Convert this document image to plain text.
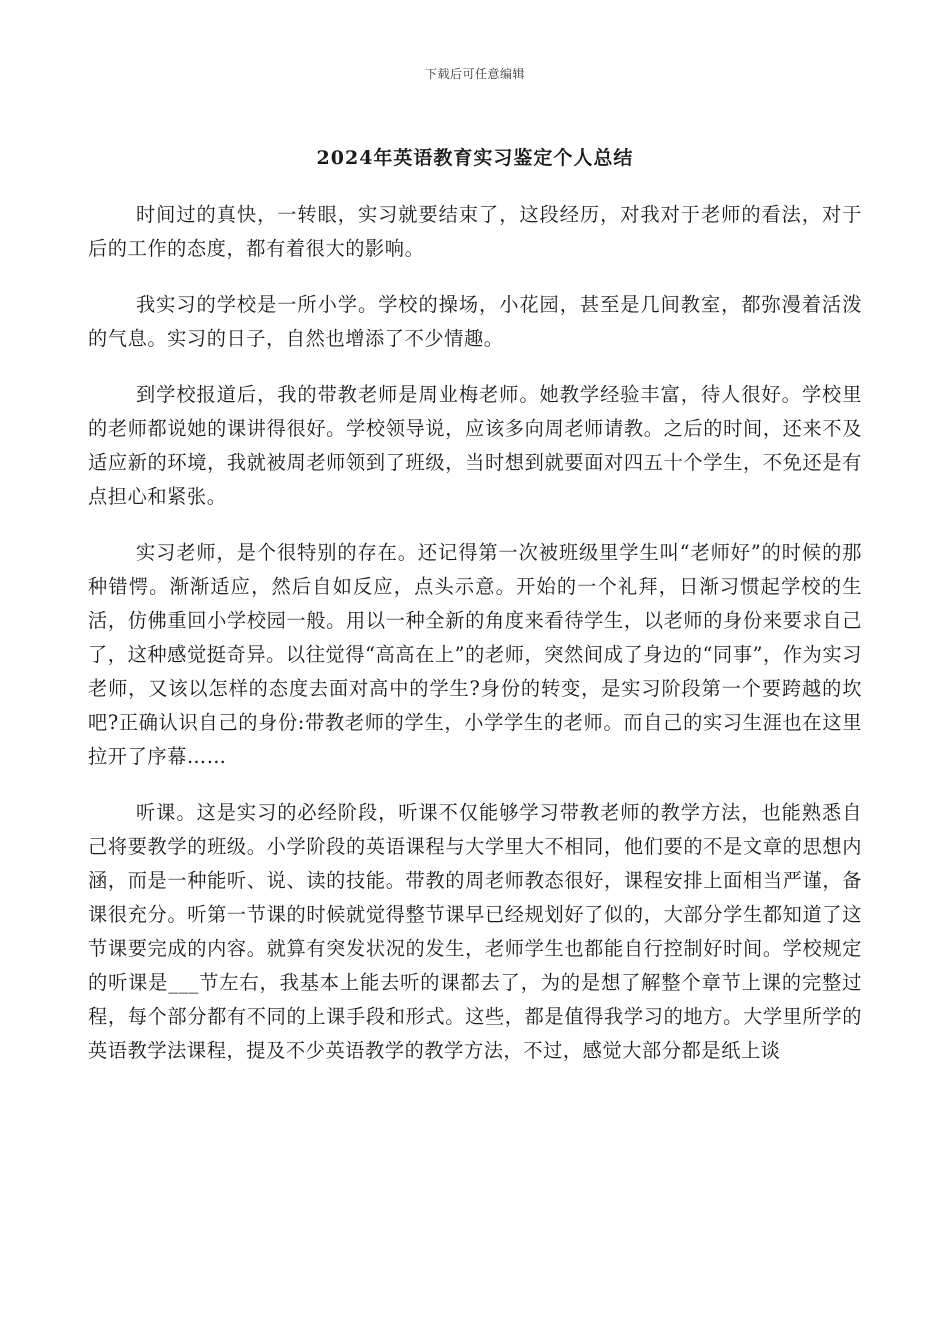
下载后可任意编辑
2024年英语教育实习鉴定个人总结

时间过的真快，一转眼，实习就要结束了，这段经历，对我对于老师的看法，对于后的工作的态度，都有着很大的影响。

我实习的学校是一所小学。学校的操场，小花园，甚至是几间教室，都弥漫着活泼的气息。实习的日子，自然也增添了不少情趣。

到学校报道后，我的带教老师是周业梅老师。她教学经验丰富，待人很好。学校里的老师都说她的课讲得很好。学校领导说，应该多向周老师请教。之后的时间，还来不及适应新的环境，我就被周老师领到了班级，当时想到就要面对四五十个学生，不免还是有点担心和紧张。

实习老师，是个很特别的存在。还记得第一次被班级里学生叫“老师好”的时候的那种错愕。渐渐适应，然后自如反应，点头示意。开始的一个礼拜，日渐习惯起学校的生活，仿佛重回小学校园一般。用以一种全新的角度来看待学生，以老师的身份来要求自己了，这种感觉挺奇异。以往觉得“高高在上”的老师，突然间成了身边的“同事”，作为实习老师，又该以怎样的态度去面对高中的学生?身份的转变，是实习阶段第一个要跨越的坎吧?正确认识自己的身份:带教老师的学生，小学学生的老师。而自己的实习生涯也在这里拉开了序幕……

听课。这是实习的必经阶段，听课不仅能够学习带教老师的教学方法，也能熟悉自己将要教学的班级。小学阶段的英语课程与大学里大不相同，他们要的不是文章的思想内涵，而是一种能听、说、读的技能。带教的周老师教态很好，课程安排上面相当严谨，备课很充分。听第一节课的时候就觉得整节课早已经规划好了似的，大部分学生都知道了这节课要完成的内容。就算有突发状况的发生，老师学生也都能自行控制好时间。学校规定的听课是___节左右，我基本上能去听的课都去了，为的是想了解整个章节上课的完整过程，每个部分都有不同的上课手段和形式。这些，都是值得我学习的地方。大学里所学的英语教学法课程，提及不少英语教学的教学方法，不过，感觉大部分都是纸上谈
